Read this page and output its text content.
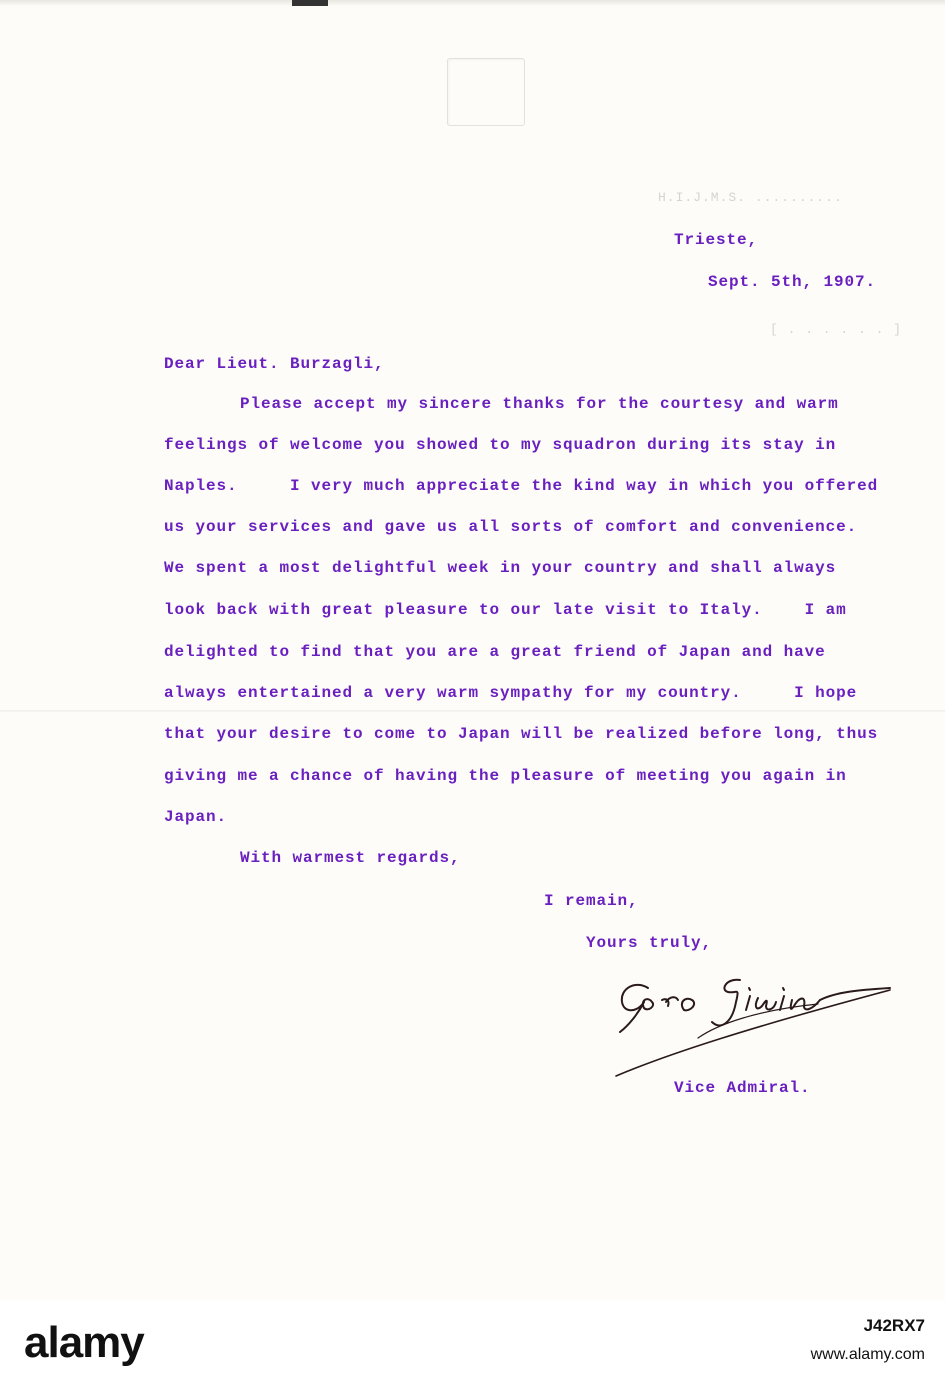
H.I.J.M.S. ..........
[ . . . . . . ]
Trieste,
Sept. 5th, 1907.
Dear Lieut. Burzagli,
Please accept my sincere thanks for the courtesy and warm
feelings of welcome you showed to my squadron during its stay in
Naples.     I very much appreciate the kind way in which you offered
us your services and gave us all sorts of comfort and convenience.
We spent a most delightful week in your country and shall always
look back with great pleasure to our late visit to Italy.    I am
delighted to find that you are a great friend of Japan and have
always entertained a very warm sympathy for my country.     I hope
that your desire to come to Japan will be realized before long, thus
giving me a chance of having the pleasure of meeting you again in
Japan.
With warmest regards,
I remain,
Yours truly,
Vice Admiral.
alamy	J42RX7
www.alamy.com
